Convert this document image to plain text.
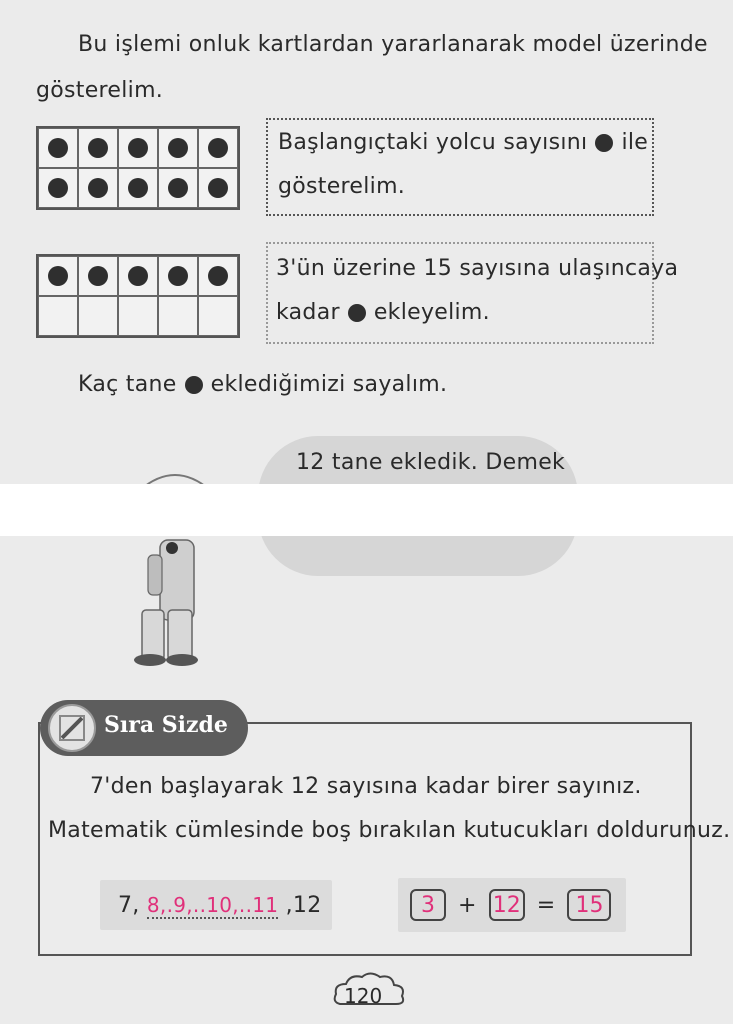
Bu işlemi onluk kartlardan yararlanarak model üzerinde
gösterelim.
Başlangıçtaki yolcu sayısını ile
gösterelim.
3'ün üzerine 15 sayısına ulaşıncaya
kadar ekleyelim.
Kaç tane eklediğimizi sayalım.
12 tane ekledik. Demek
Sıra Sizde
7'den başlayarak 12 sayısına kadar birer sayınız.
Matematik cümlesinde boş bırakılan kutucukları doldurunuz.
7, 8,.9,..10,..11 ,12	3	+ 12 = 15
120
